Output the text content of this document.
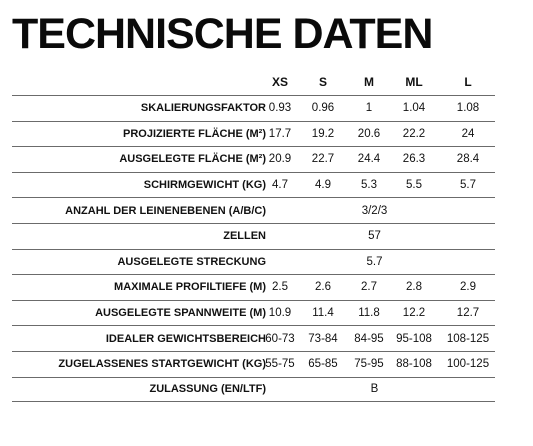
TECHNISCHE DATEN
XS	S	M	ML	L
SKALIERUNGSFAKTOR 0.93	0.96	1	1.04	1.08
PROJIZIERTE FLÄCHE (M²) 17.7	19.2	20.6	22.2	24
AUSGELEGTE FLÄCHE (M²) 20.9	22.7	24.4	26.3	28.4
SCHIRMGEWICHT (KG) 4.7	4.9	5.3	5.5	5.7
ANZAHL DER LEINENEBENEN (A/B/C)	3/2/3
ZELLEN	57
AUSGELEGTE STRECKUNG	5.7
MAXIMALE PROFILTIEFE (M) 2.5	2.6	2.7	2.8	2.9
AUSGELEGTE SPANNWEITE (M) 10.9	11.4	11.8	12.2	12.7
IDEALER GEWICHTSBEREICH 60-73	73-84	84-95	95-108	108-125
ZUGELASSENES STARTGEWICHT (KG) 55-75	65-85	75-95	88-108	100-125
ZULASSUNG (EN/LTF)	B
